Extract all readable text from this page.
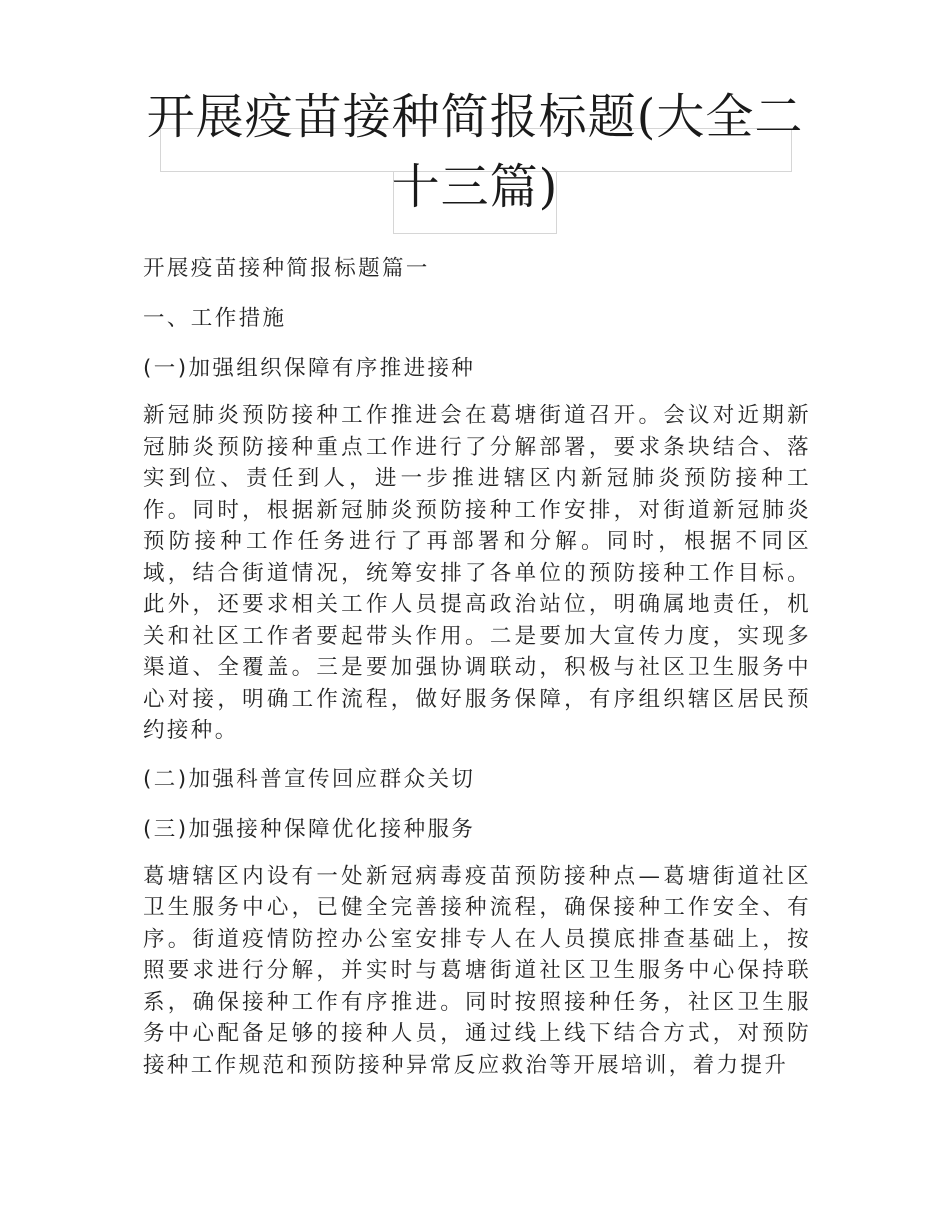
开展疫苗接种简报标题(大全二
十三篇)
开展疫苗接种简报标题篇一
一、工作措施
(一)加强组织保障有序推进接种
新冠肺炎预防接种工作推进会在葛塘街道召开。会议对近期新冠肺炎预防接种重点工作进行了分解部署，要求条块结合、落实到位、责任到人，进一步推进辖区内新冠肺炎预防接种工作。同时，根据新冠肺炎预防接种工作安排，对街道新冠肺炎预防接种工作任务进行了再部署和分解。同时，根据不同区域，结合街道情况，统筹安排了各单位的预防接种工作目标。此外，还要求相关工作人员提高政治站位，明确属地责任，机关和社区工作者要起带头作用。二是要加大宣传力度，实现多渠道、全覆盖。三是要加强协调联动，积极与社区卫生服务中心对接，明确工作流程，做好服务保障，有序组织辖区居民预约接种。
(二)加强科普宣传回应群众关切
(三)加强接种保障优化接种服务
葛塘辖区内设有一处新冠病毒疫苗预防接种点—葛塘街道社区卫生服务中心，已健全完善接种流程，确保接种工作安全、有序。街道疫情防控办公室安排专人在人员摸底排查基础上，按照要求进行分解，并实时与葛塘街道社区卫生服务中心保持联系，确保接种工作有序推进。同时按照接种任务，社区卫生服务中心配备足够的接种人员，通过线上线下结合方式，对预防接种工作规范和预防接种异常反应救治等开展培训，着力提升
